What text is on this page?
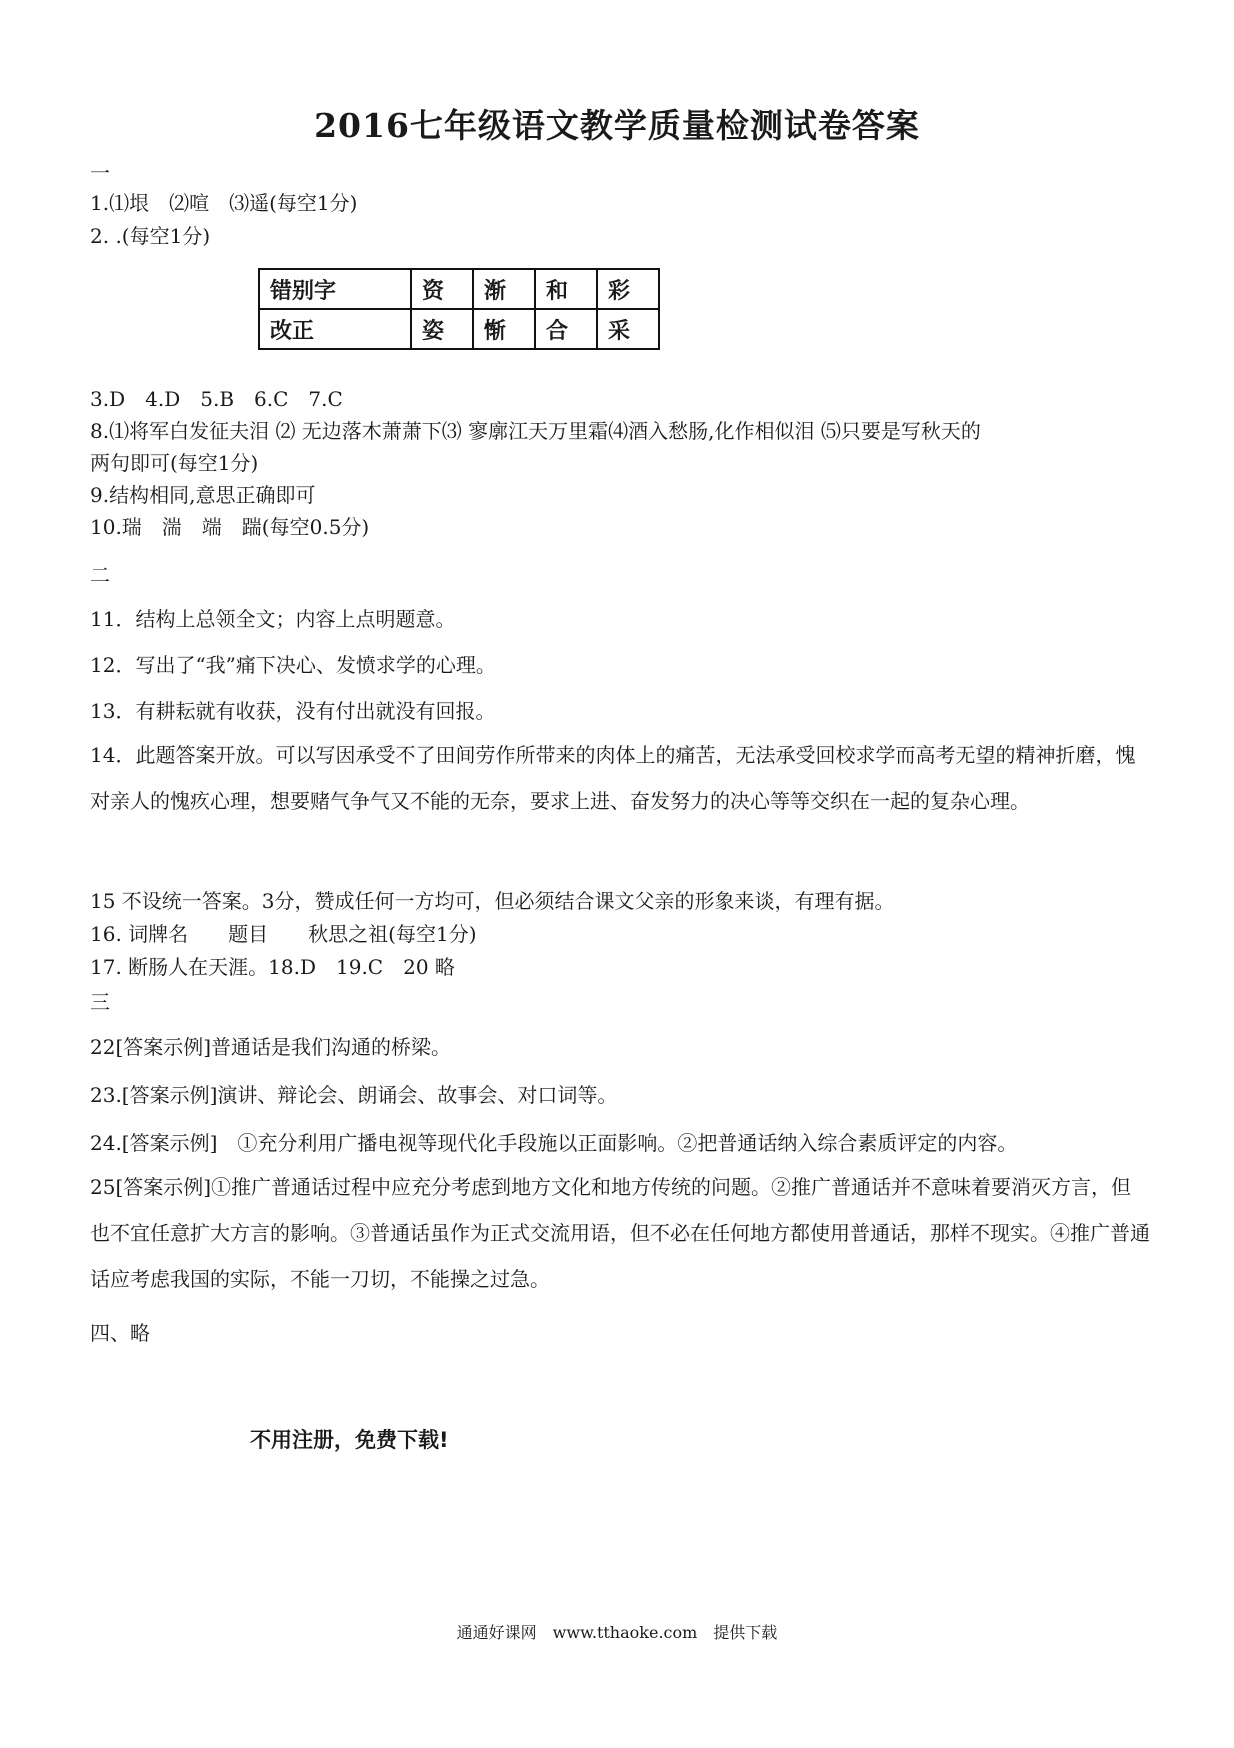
2016七年级语文教学质量检测试卷答案
一
1.⑴垠　⑵喧　⑶遥(每空1分)
2. .(每空1分)
错别字	资	渐	和	彩
改正	姿	惭	合	采
3.D　4.D　5.B　6.C　7.C
8.⑴将军白发征夫泪 ⑵ 无边落木萧萧下⑶ 寥廓江天万里霜⑷酒入愁肠,化作相似泪 ⑸只要是写秋天的
两句即可(每空1分)
9.结构相同,意思正确即可
10.瑞　湍　端　踹(每空0.5分)
二
11．结构上总领全文；内容上点明题意。
12．写出了“我”痛下决心、发愤求学的心理。
13．有耕耘就有收获，没有付出就没有回报。
14．此题答案开放。可以写因承受不了田间劳作所带来的肉体上的痛苦，无法承受回校求学而高考无望的精神折磨，愧对亲人的愧疚心理，想要赌气争气又不能的无奈，要求上进、奋发努力的决心等等交织在一起的复杂心理。
15 不设统一答案。3分，赞成任何一方均可，但必须结合课文父亲的形象来谈，有理有据。
16. 词牌名　　题目　　秋思之祖(每空1分)
17. 断肠人在天涯。18.D　19.C　20 略
三
22[答案示例]普通话是我们沟通的桥梁。
23.[答案示例]演讲、辩论会、朗诵会、故事会、对口词等。
24.[答案示例]　①充分利用广播电视等现代化手段施以正面影响。②把普通话纳入综合素质评定的内容。
25[答案示例]①推广普通话过程中应充分考虑到地方文化和地方传统的问题。②推广普通话并不意味着要消灭方言，但也不宜任意扩大方言的影响。③普通话虽作为正式交流用语，但不必在任何地方都使用普通话，那样不现实。④推广普通话应考虑我国的实际，不能一刀切，不能操之过急。
四、略
不用注册，免费下载!
通通好课网　www.tthaoke.com　提供下载
